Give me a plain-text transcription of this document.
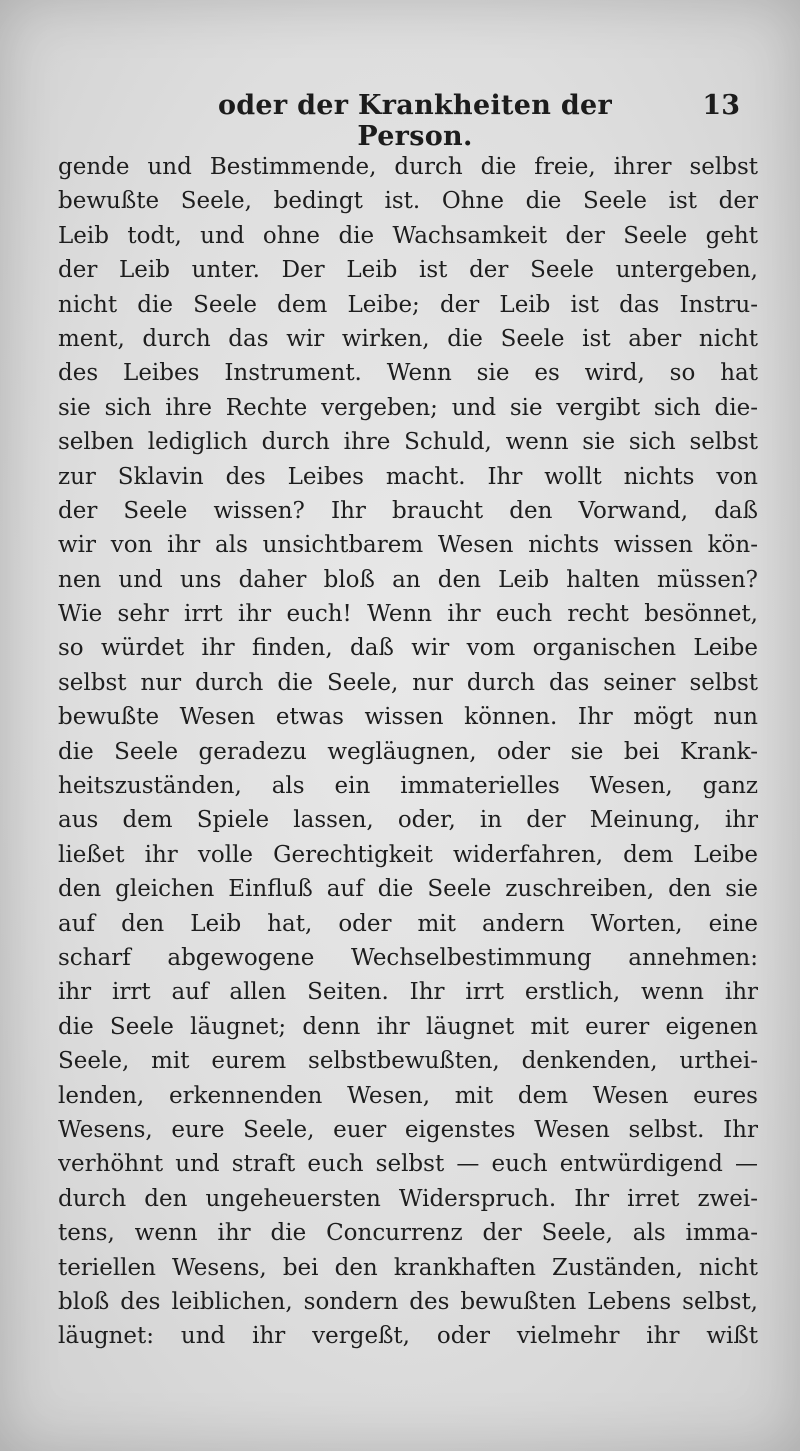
oder der Krankheiten der Person.
13
gende und Bestimmende, durch die freie, ihrer selbst
bewußte Seele, bedingt ist. Ohne die Seele ist der
Leib todt, und ohne die Wachsamkeit der Seele geht
der Leib unter. Der Leib ist der Seele untergeben,
nicht die Seele dem Leibe; der Leib ist das Instru-
ment, durch das wir wirken, die Seele ist aber nicht
des Leibes Instrument. Wenn sie es wird, so hat
sie sich ihre Rechte vergeben; und sie vergibt sich die-
selben lediglich durch ihre Schuld, wenn sie sich selbst
zur Sklavin des Leibes macht. Ihr wollt nichts von
der Seele wissen? Ihr braucht den Vorwand, daß
wir von ihr als unsichtbarem Wesen nichts wissen kön-
nen und uns daher bloß an den Leib halten müssen?
Wie sehr irrt ihr euch! Wenn ihr euch recht besönnet,
so würdet ihr finden, daß wir vom organischen Leibe
selbst nur durch die Seele, nur durch das seiner selbst
bewußte Wesen etwas wissen können. Ihr mögt nun
die Seele geradezu wegläugnen, oder sie bei Krank-
heitszuständen, als ein immaterielles Wesen, ganz
aus dem Spiele lassen, oder, in der Meinung, ihr
ließet ihr volle Gerechtigkeit widerfahren, dem Leibe
den gleichen Einfluß auf die Seele zuschreiben, den sie
auf den Leib hat, oder mit andern Worten, eine
scharf abgewogene Wechselbestimmung annehmen:
ihr irrt auf allen Seiten. Ihr irrt erstlich, wenn ihr
die Seele läugnet; denn ihr läugnet mit eurer eigenen
Seele, mit eurem selbstbewußten, denkenden, urthei-
lenden, erkennenden Wesen, mit dem Wesen eures
Wesens, eure Seele, euer eigenstes Wesen selbst. Ihr
verhöhnt und straft euch selbst — euch entwürdigend —
durch den ungeheuersten Widerspruch. Ihr irret zwei-
tens, wenn ihr die Concurrenz der Seele, als imma-
teriellen Wesens, bei den krankhaften Zuständen, nicht
bloß des leiblichen, sondern des bewußten Lebens selbst,
läugnet: und ihr vergeßt, oder vielmehr ihr wißt
